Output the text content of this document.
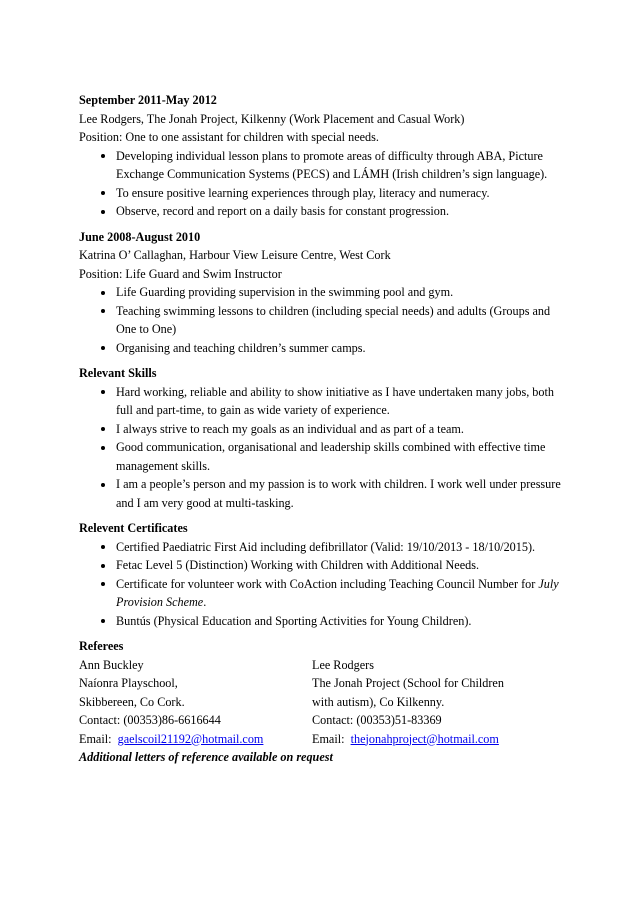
September 2011-May 2012

Lee Rodgers, The Jonah Project, Kilkenny (Work Placement and Casual Work)

Position: One to one assistant for children with special needs.

Developing individual lesson plans to promote areas of difficulty through ABA, Picture Exchange Communication Systems (PECS) and LÁMH (Irish children’s sign language).
To ensure positive learning experiences through play, literacy and numeracy.
Observe, record and report on a daily basis for constant progression.

June 2008-August 2010

Katrina O’ Callaghan, Harbour View Leisure Centre, West Cork

Position: Life Guard and Swim Instructor

Life Guarding providing supervision in the swimming pool and gym.
Teaching swimming lessons to children (including special needs) and adults (Groups and One to One)
Organising and teaching children’s summer camps.

Relevant Skills

Hard working, reliable and ability to show initiative as I have undertaken many jobs, both full and part-time, to gain as wide variety of experience.
I always strive to reach my goals as an individual and as part of a team.
Good communication, organisational and leadership skills combined with effective time management skills.
I am a people’s person and my passion is to work with children. I work well under pressure and I am very good at multi-tasking.

Relevent Certificates

Certified Paediatric First Aid including defibrillator (Valid: 19/10/2013 - 18/10/2015).
Fetac Level 5 (Distinction) Working with Children with Additional Needs.
Certificate for volunteer work with CoAction including Teaching Council Number for July Provision Scheme.
Buntús (Physical Education and Sporting Activities for Young Children).

Referees

Ann Buckley	Lee Rodgers
Naíonra Playschool,	The Jonah Project (School for Children
Skibbereen, Co Cork.	with autism), Co Kilkenny.
Contact: (00353)86-6616644	Contact: (00353)51-83369
Email: gaelscoil21192@hotmail.com	Email: thejonahproject@hotmail.com

Additional letters of reference available on request
